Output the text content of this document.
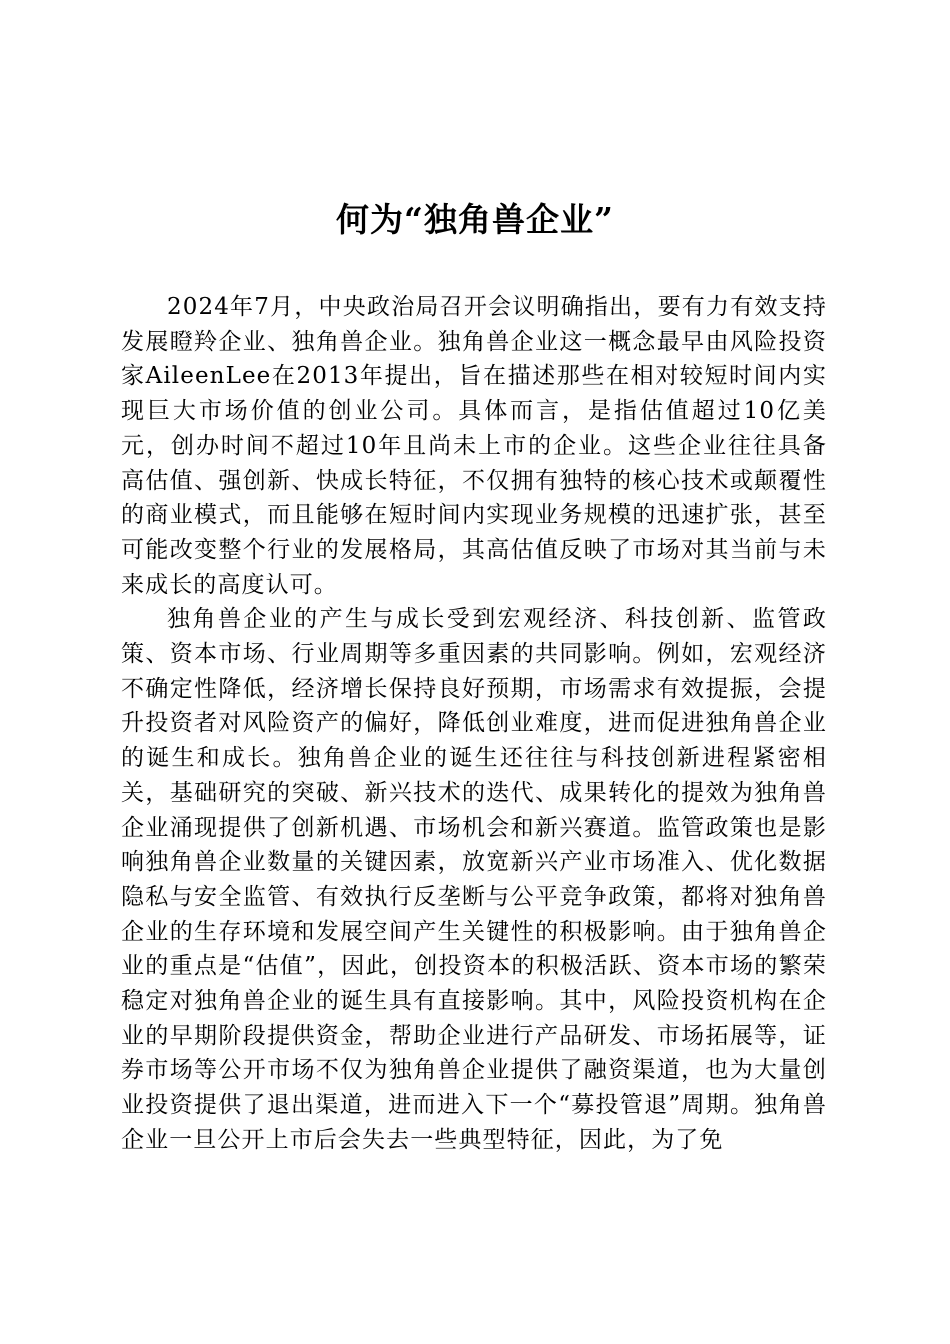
何为“独角兽企业”

2024年7月，中央政治局召开会议明确指出，要有力有效支持发展瞪羚企业、独角兽企业。独角兽企业这一概念最早由风险投资家AileenLee在2013年提出，旨在描述那些在相对较短时间内实现巨大市场价值的创业公司。具体而言，是指估值超过10亿美元，创办时间不超过10年且尚未上市的企业。这些企业往往具备高估值、强创新、快成长特征，不仅拥有独特的核心技术或颠覆性的商业模式，而且能够在短时间内实现业务规模的迅速扩张，甚至可能改变整个行业的发展格局，其高估值反映了市场对其当前与未来成长的高度认可。

独角兽企业的产生与成长受到宏观经济、科技创新、监管政策、资本市场、行业周期等多重因素的共同影响。例如，宏观经济不确定性降低，经济增长保持良好预期，市场需求有效提振，会提升投资者对风险资产的偏好，降低创业难度，进而促进独角兽企业的诞生和成长。独角兽企业的诞生还往往与科技创新进程紧密相关，基础研究的突破、新兴技术的迭代、成果转化的提效为独角兽企业涌现提供了创新机遇、市场机会和新兴赛道。监管政策也是影响独角兽企业数量的关键因素，放宽新兴产业市场准入、优化数据隐私与安全监管、有效执行反垄断与公平竞争政策，都将对独角兽企业的生存环境和发展空间产生关键性的积极影响。由于独角兽企业的重点是“估值”，因此，创投资本的积极活跃、资本市场的繁荣稳定对独角兽企业的诞生具有直接影响。其中，风险投资机构在企业的早期阶段提供资金，帮助企业进行产品研发、市场拓展等，证券市场等公开市场不仅为独角兽企业提供了融资渠道，也为大量创业投资提供了退出渠道，进而进入下一个“募投管退”周期。独角兽企业一旦公开上市后会失去一些典型特征，因此，为了免
